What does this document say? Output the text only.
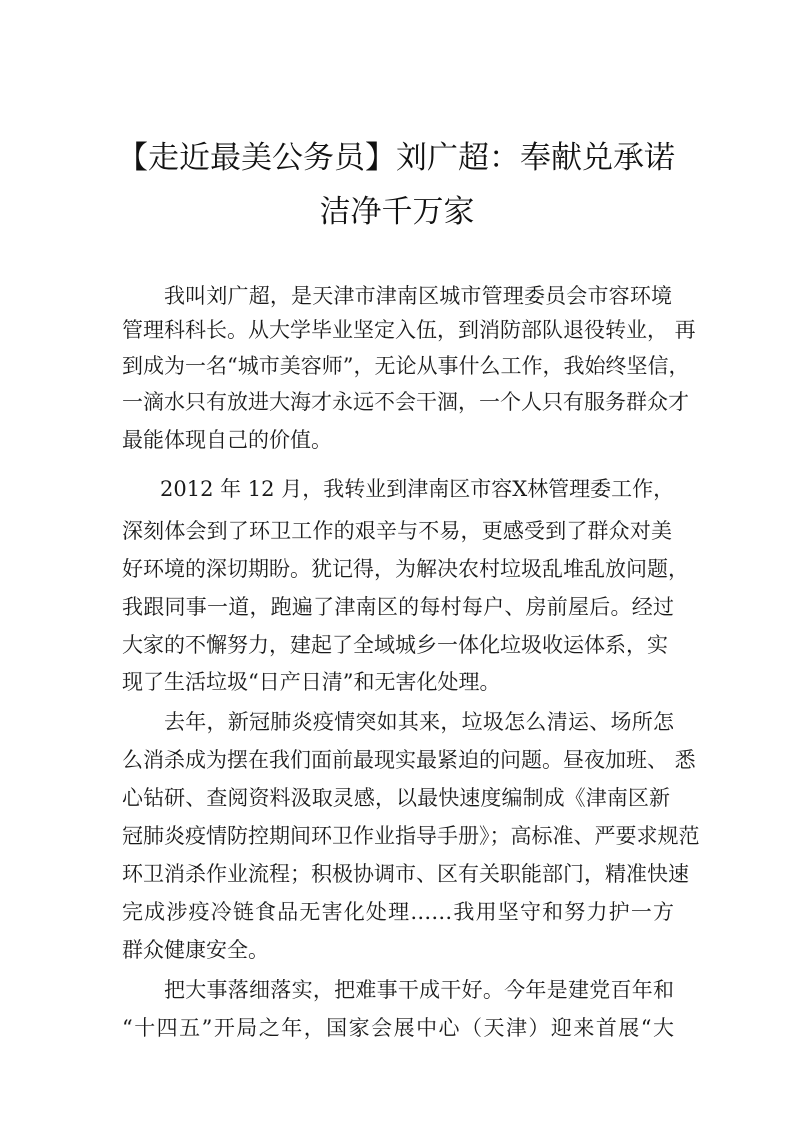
【走近最美公务员】刘广超：奉献兑承诺
洁净千万家

我叫刘广超，是天津市津南区城市管理委员会市容环境

管理科科长。从大学毕业坚定入伍，到消防部队退役转业， 再

到成为一名“城市美容师”，无论从事什么工作，我始终坚信，

一滴水只有放进大海才永远不会干涸，一个人只有服务群众才

最能体现自己的价值。

2012 年 12 月，我转业到津南区市容X林管理委工作，

深刻体会到了环卫工作的艰辛与不易，更感受到了群众对美

好环境的深切期盼。犹记得，为解决农村垃圾乱堆乱放问题，

我跟同事一道，跑遍了津南区的每村每户、房前屋后。经过

大家的不懈努力，建起了全域城乡一体化垃圾收运体系，实

现了生活垃圾“日产日清”和无害化处理。

去年，新冠肺炎疫情突如其来，垃圾怎么清运、场所怎

么消杀成为摆在我们面前最现实最紧迫的问题。昼夜加班、 悉

心钻研、查阅资料汲取灵感，以最快速度编制成《津南区新

冠肺炎疫情防控期间环卫作业指导手册》；高标准、严要求规范

环卫消杀作业流程；积极协调市、区有关职能部门，精准快速

完成涉疫冷链食品无害化处理……我用坚守和努力护一方

群众健康安全。

把大事落细落实，把难事干成干好。今年是建党百年和

“十四五”开局之年，国家会展中心（天津）迎来首展“大
